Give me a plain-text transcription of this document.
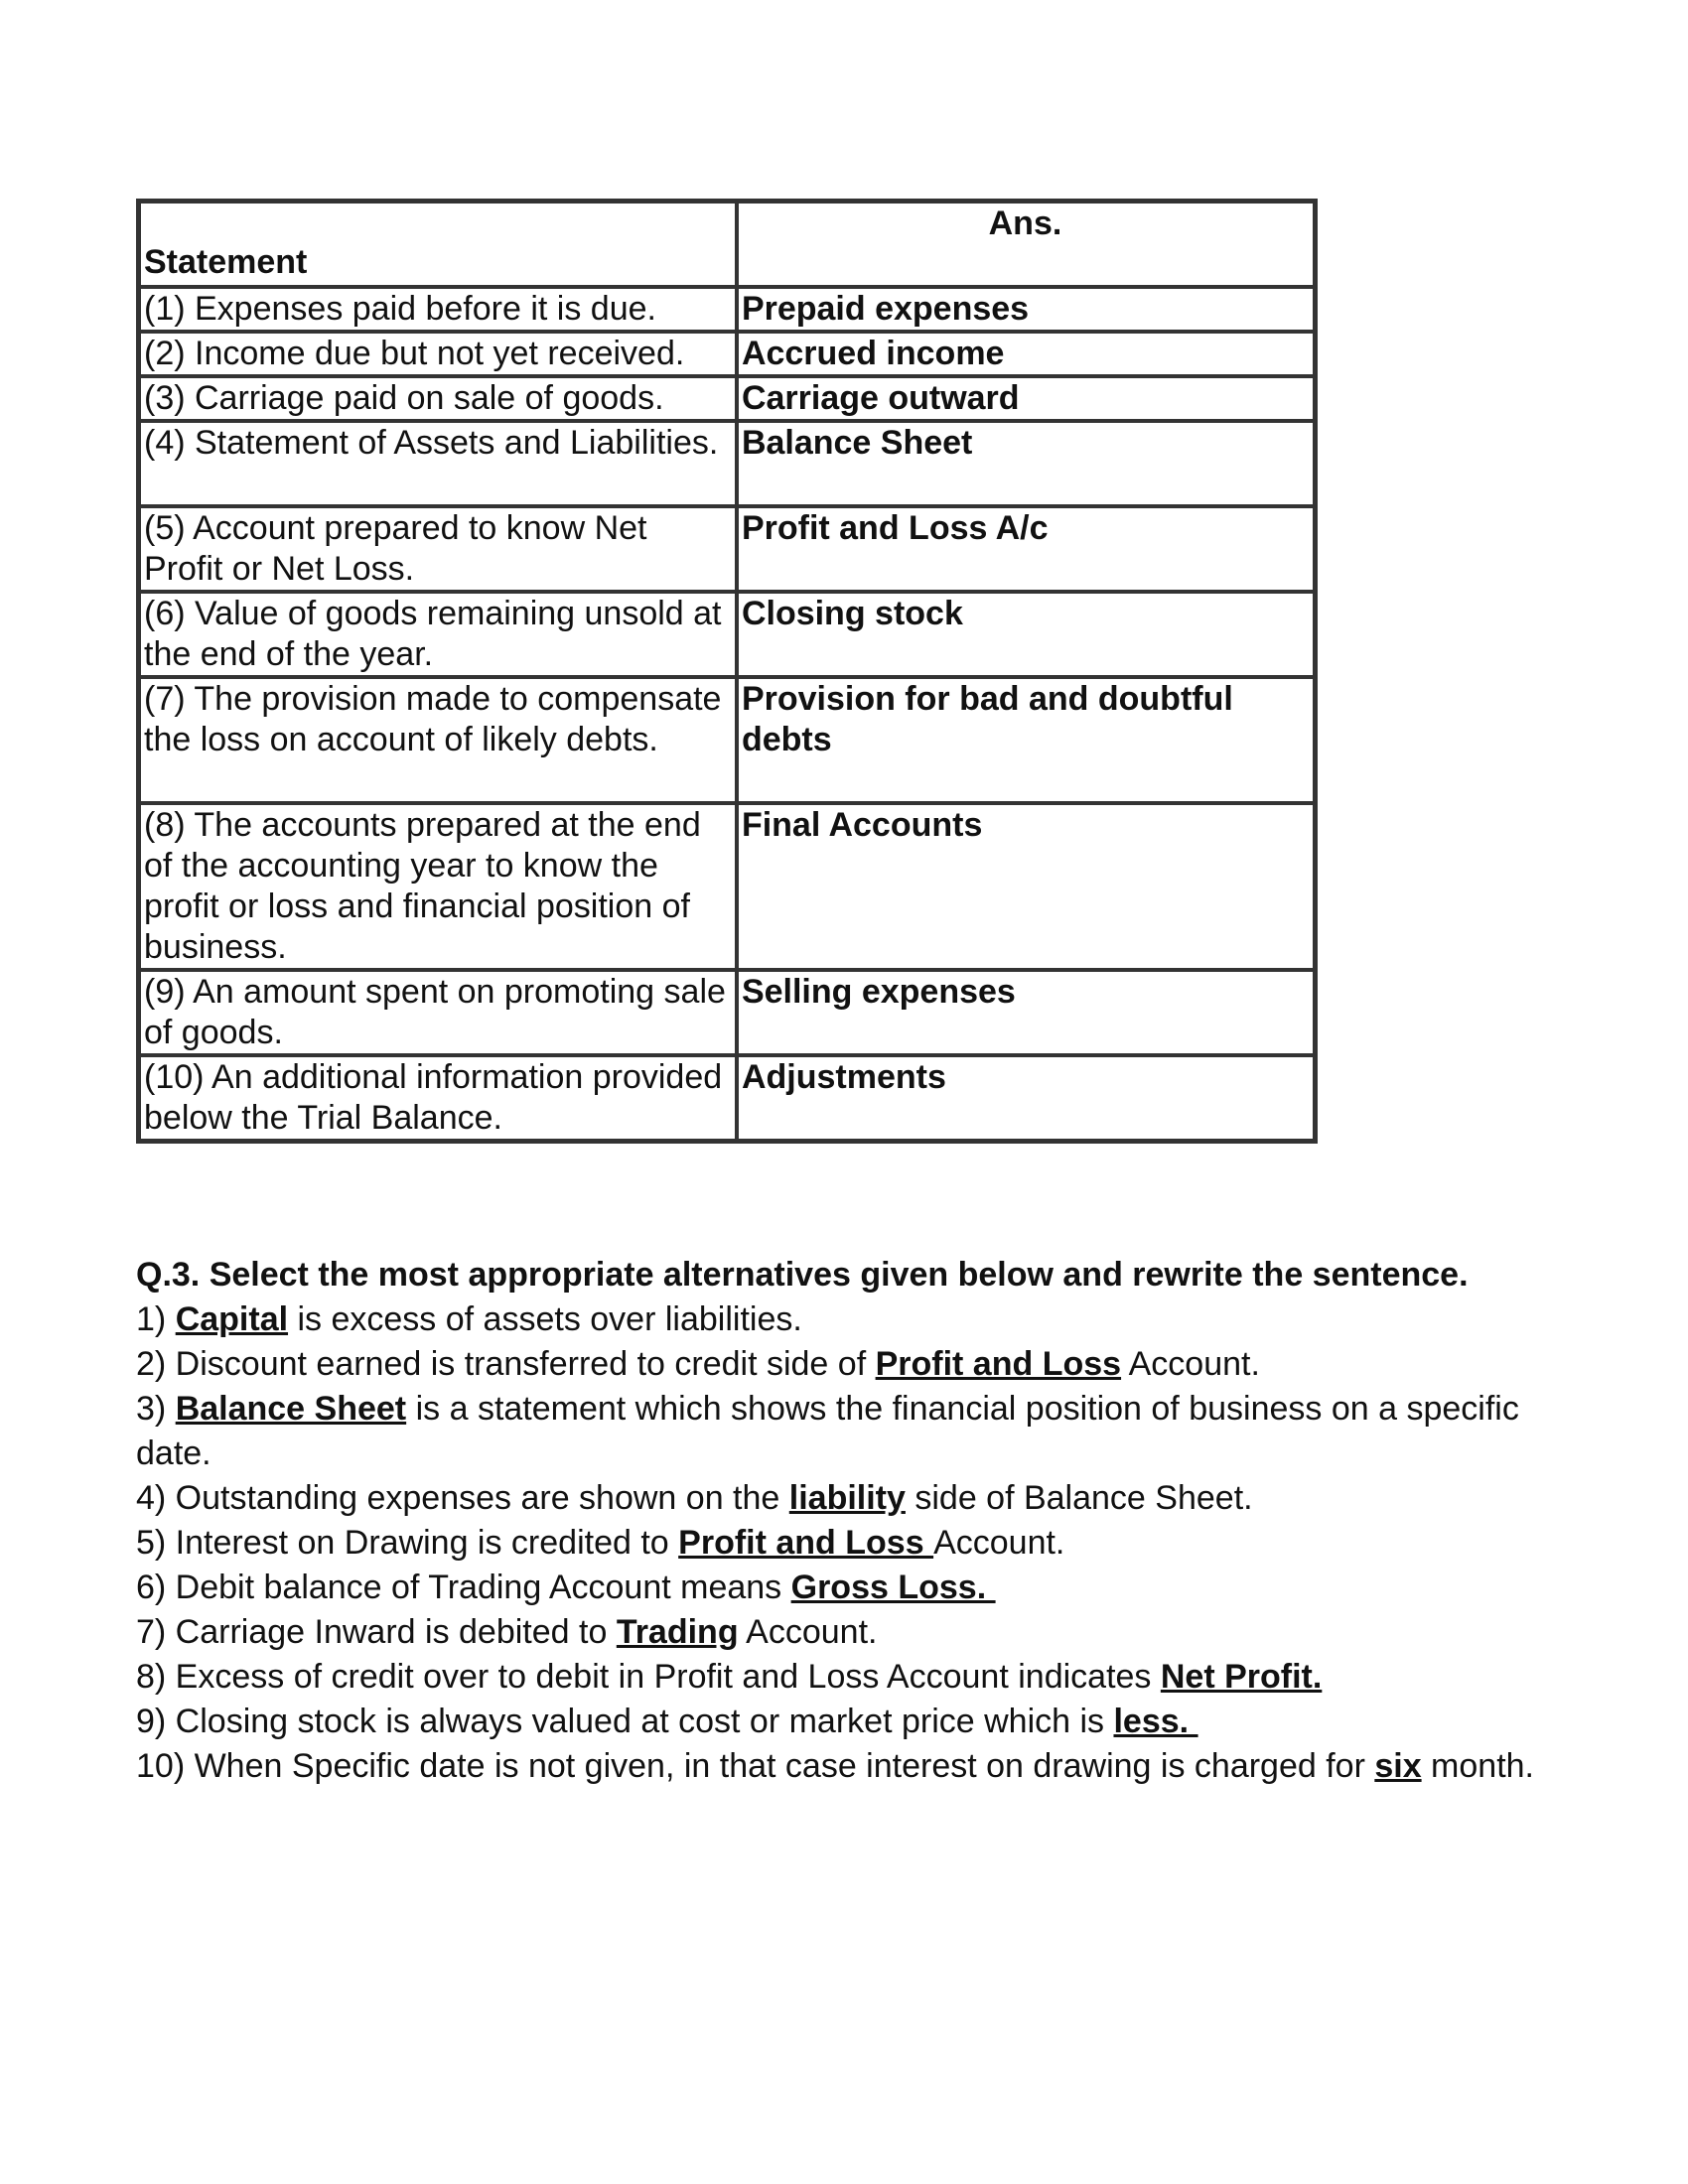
Statement	Ans.
(1) Expenses paid before it is due.	Prepaid expenses
(2) Income due but not yet received.	Accrued income
(3) Carriage paid on sale of goods.	Carriage outward
(4) Statement of Assets and Liabilities.	Balance Sheet
(5) Account prepared to know Net Profit or Net Loss.	Profit and Loss A/c
(6) Value of goods remaining unsold at the end of the year.	Closing stock
(7) The provision made to compensate the loss on account of likely debts.	Provision for bad and doubtful debts
(8) The accounts prepared at the end of the accounting year to know the profit or loss and financial position of business.	Final Accounts
(9) An amount spent on promoting sale of goods.	Selling expenses
(10) An additional information provided below the Trial Balance.	Adjustments

Q.3. Select the most appropriate alternatives given below and rewrite the sentence.

1) Capital is excess of assets over liabilities.
2) Discount earned is transferred to credit side of Profit and Loss Account.
3) Balance Sheet is a statement which shows the financial position of business on a specific date.
4) Outstanding expenses are shown on the liability side of Balance Sheet.
5) Interest on Drawing is credited to Profit and Loss Account.
6) Debit balance of Trading Account means Gross Loss.
7) Carriage Inward is debited to Trading Account.
8) Excess of credit over to debit in Profit and Loss Account indicates Net Profit.
9) Closing stock is always valued at cost or market price which is less.
10) When Specific date is not given, in that case interest on drawing is charged for six month.
